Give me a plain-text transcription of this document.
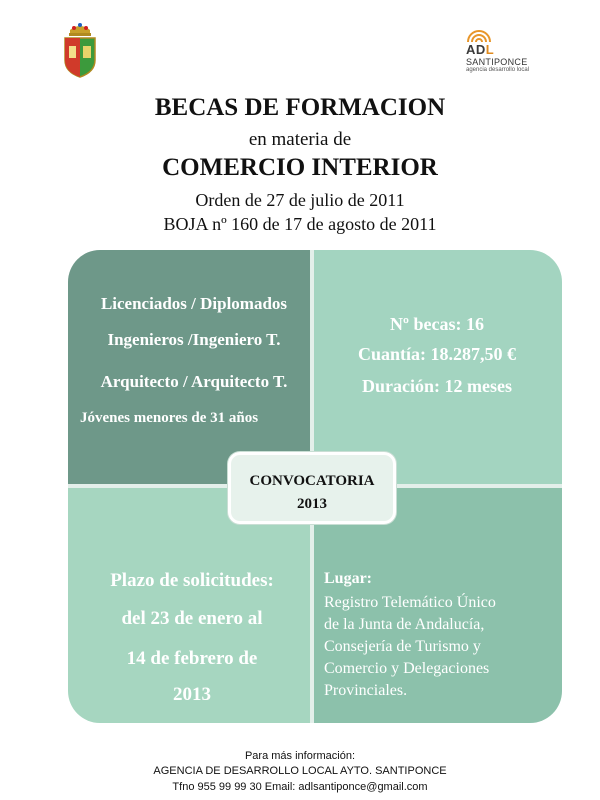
ADL
SANTIPONCE
agencia desarrollo local
BECAS DE FORMACION
en materia de
COMERCIO INTERIOR
Orden de 27 de julio de 2011
BOJA nº 160 de 17 de agosto de 2011
Licenciados / Diplomados
Ingenieros /Ingeniero T.
Arquitecto / Arquitecto T.
Jóvenes menores de 31 años
Nº becas: 16
Cuantía: 18.287,50 €
Duración: 12 meses
Plazo de solicitudes:
del 23 de enero al
14 de febrero de
2013
Lugar:
Registro Telemático Único
de la Junta de Andalucía,
Consejería de Turismo y
Comercio y Delegaciones
Provinciales.
CONVOCATORIA
2013
Para más información:
AGENCIA DE DESARROLLO LOCAL AYTO. SANTIPONCE
Tfno 955 99 99 30 Email: adlsantiponce@gmail.com
